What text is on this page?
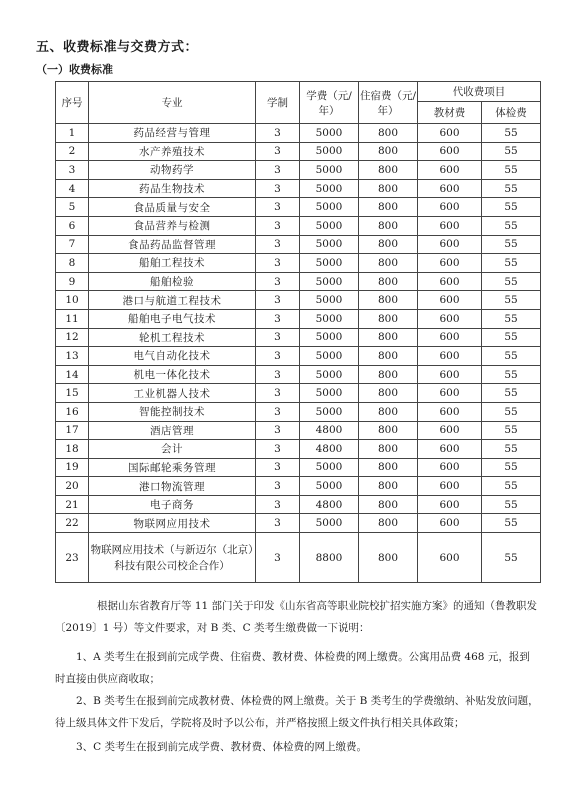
五、收费标准与交费方式：
（一）收费标准
序号	专业	学制	学费（元/年）	住宿费（元/年）	代收费项目	
					教材费	体检费
1	药品经营与管理	3	5000	800	600	55
2	水产养殖技术	3	5000	800	600	55
3	动物药学	3	5000	800	600	55
4	药品生物技术	3	5000	800	600	55
5	食品质量与安全	3	5000	800	600	55
6	食品营养与检测	3	5000	800	600	55
7	食品药品监督管理	3	5000	800	600	55
8	船舶工程技术	3	5000	800	600	55
9	船舶检验	3	5000	800	600	55
10	港口与航道工程技术	3	5000	800	600	55
11	船舶电子电气技术	3	5000	800	600	55
12	轮机工程技术	3	5000	800	600	55
13	电气自动化技术	3	5000	800	600	55
14	机电一体化技术	3	5000	800	600	55
15	工业机器人技术	3	5000	800	600	55
16	智能控制技术	3	5000	800	600	55
17	酒店管理	3	4800	800	600	55
18	会计	3	4800	800	600	55
19	国际邮轮乘务管理	3	5000	800	600	55
20	港口物流管理	3	5000	800	600	55
21	电子商务	3	4800	800	600	55
22	物联网应用技术	3	5000	800	600	55
23	物联网应用技术（与新迈尔（北京）科技有限公司校企合作）	3	8800	800	600	55

根据山东省教育厅等 11 部门关于印发《山东省高等职业院校扩招实施方案》的通知（鲁教职发〔2019〕1 号）等文件要求，对 B 类、C 类考生缴费做一下说明：

1、A 类考生在报到前完成学费、住宿费、教材费、体检费的网上缴费。公寓用品费 468 元，报到时直接由供应商收取；

2、B 类考生在报到前完成教材费、体检费的网上缴费。关于 B 类考生的学费缴纳、补贴发放问题，待上级具体文件下发后，学院将及时予以公布，并严格按照上级文件执行相关具体政策；

3、C 类考生在报到前完成学费、教材费、体检费的网上缴费。
